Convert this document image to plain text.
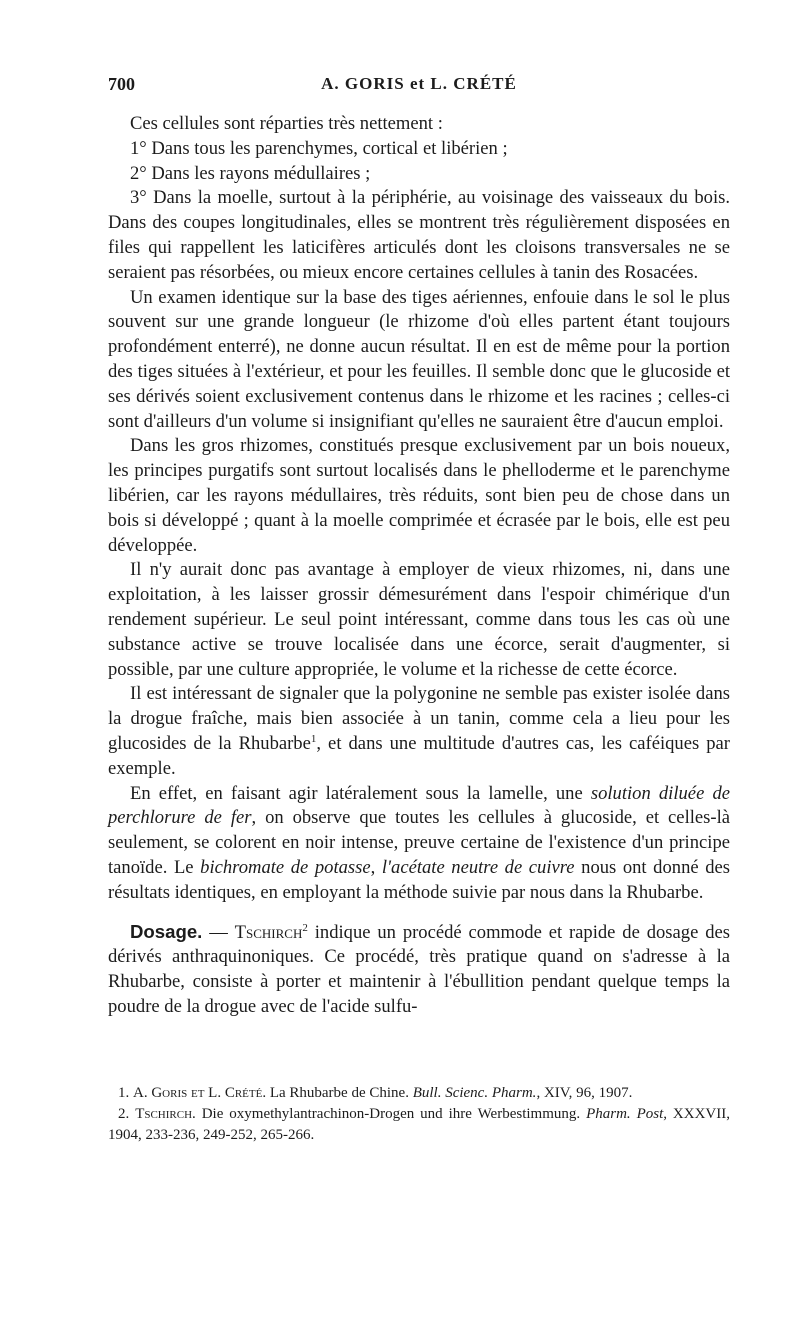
700	A. GORIS et L. CRÉTÉ

Ces cellules sont réparties très nettement :

1° Dans tous les parenchymes, cortical et libérien ;

2° Dans les rayons médullaires ;

3° Dans la moelle, surtout à la périphérie, au voisinage des vaisseaux du bois. Dans des coupes longitudinales, elles se montrent très régulièrement disposées en files qui rappellent les laticifères articulés dont les cloisons transversales ne se seraient pas résorbées, ou mieux encore certaines cellules à tanin des Rosacées.

Un examen identique sur la base des tiges aériennes, enfouie dans le sol le plus souvent sur une grande longueur (le rhizome d'où elles partent étant toujours profondément enterré), ne donne aucun résultat. Il en est de même pour la portion des tiges situées à l'extérieur, et pour les feuilles. Il semble donc que le glucoside et ses dérivés soient exclusivement contenus dans le rhizome et les racines ; celles-ci sont d'ailleurs d'un volume si insignifiant qu'elles ne sauraient être d'aucun emploi.

Dans les gros rhizomes, constitués presque exclusivement par un bois noueux, les principes purgatifs sont surtout localisés dans le phelloderme et le parenchyme libérien, car les rayons médullaires, très réduits, sont bien peu de chose dans un bois si développé ; quant à la moelle comprimée et écrasée par le bois, elle est peu développée.

Il n'y aurait donc pas avantage à employer de vieux rhizomes, ni, dans une exploitation, à les laisser grossir démesurément dans l'espoir chimérique d'un rendement supérieur. Le seul point intéressant, comme dans tous les cas où une substance active se trouve localisée dans une écorce, serait d'augmenter, si possible, par une culture appropriée, le volume et la richesse de cette écorce.

Il est intéressant de signaler que la polygonine ne semble pas exister isolée dans la drogue fraîche, mais bien associée à un tanin, comme cela a lieu pour les glucosides de la Rhubarbe$^1$, et dans une multitude d'autres cas, les caféiques par exemple.

En effet, en faisant agir latéralement sous la lamelle, une solution diluée de perchlorure de fer, on observe que toutes les cellules à glucoside, et celles-là seulement, se colorent en noir intense, preuve certaine de l'existence d'un principe tanoïde. Le bichromate de potasse, l'acétate neutre de cuivre nous ont donné des résultats identiques, en employant la méthode suivie par nous dans la Rhubarbe.

Dosage. — Tschirch$^2$ indique un procédé commode et rapide de dosage des dérivés anthraquinoniques. Ce procédé, très pratique quand on s'adresse à la Rhubarbe, consiste à porter et maintenir à l'ébullition pendant quelque temps la poudre de la drogue avec de l'acide sulfu-

1. A. Goris et L. Crété. La Rhubarbe de Chine. Bull. Scienc. Pharm., XIV, 96, 1907.

2. Tschirch. Die oxymethylantrachinon-Drogen und ihre Werbestimmung. Pharm. Post, XXXVII, 1904, 233-236, 249-252, 265-266.
